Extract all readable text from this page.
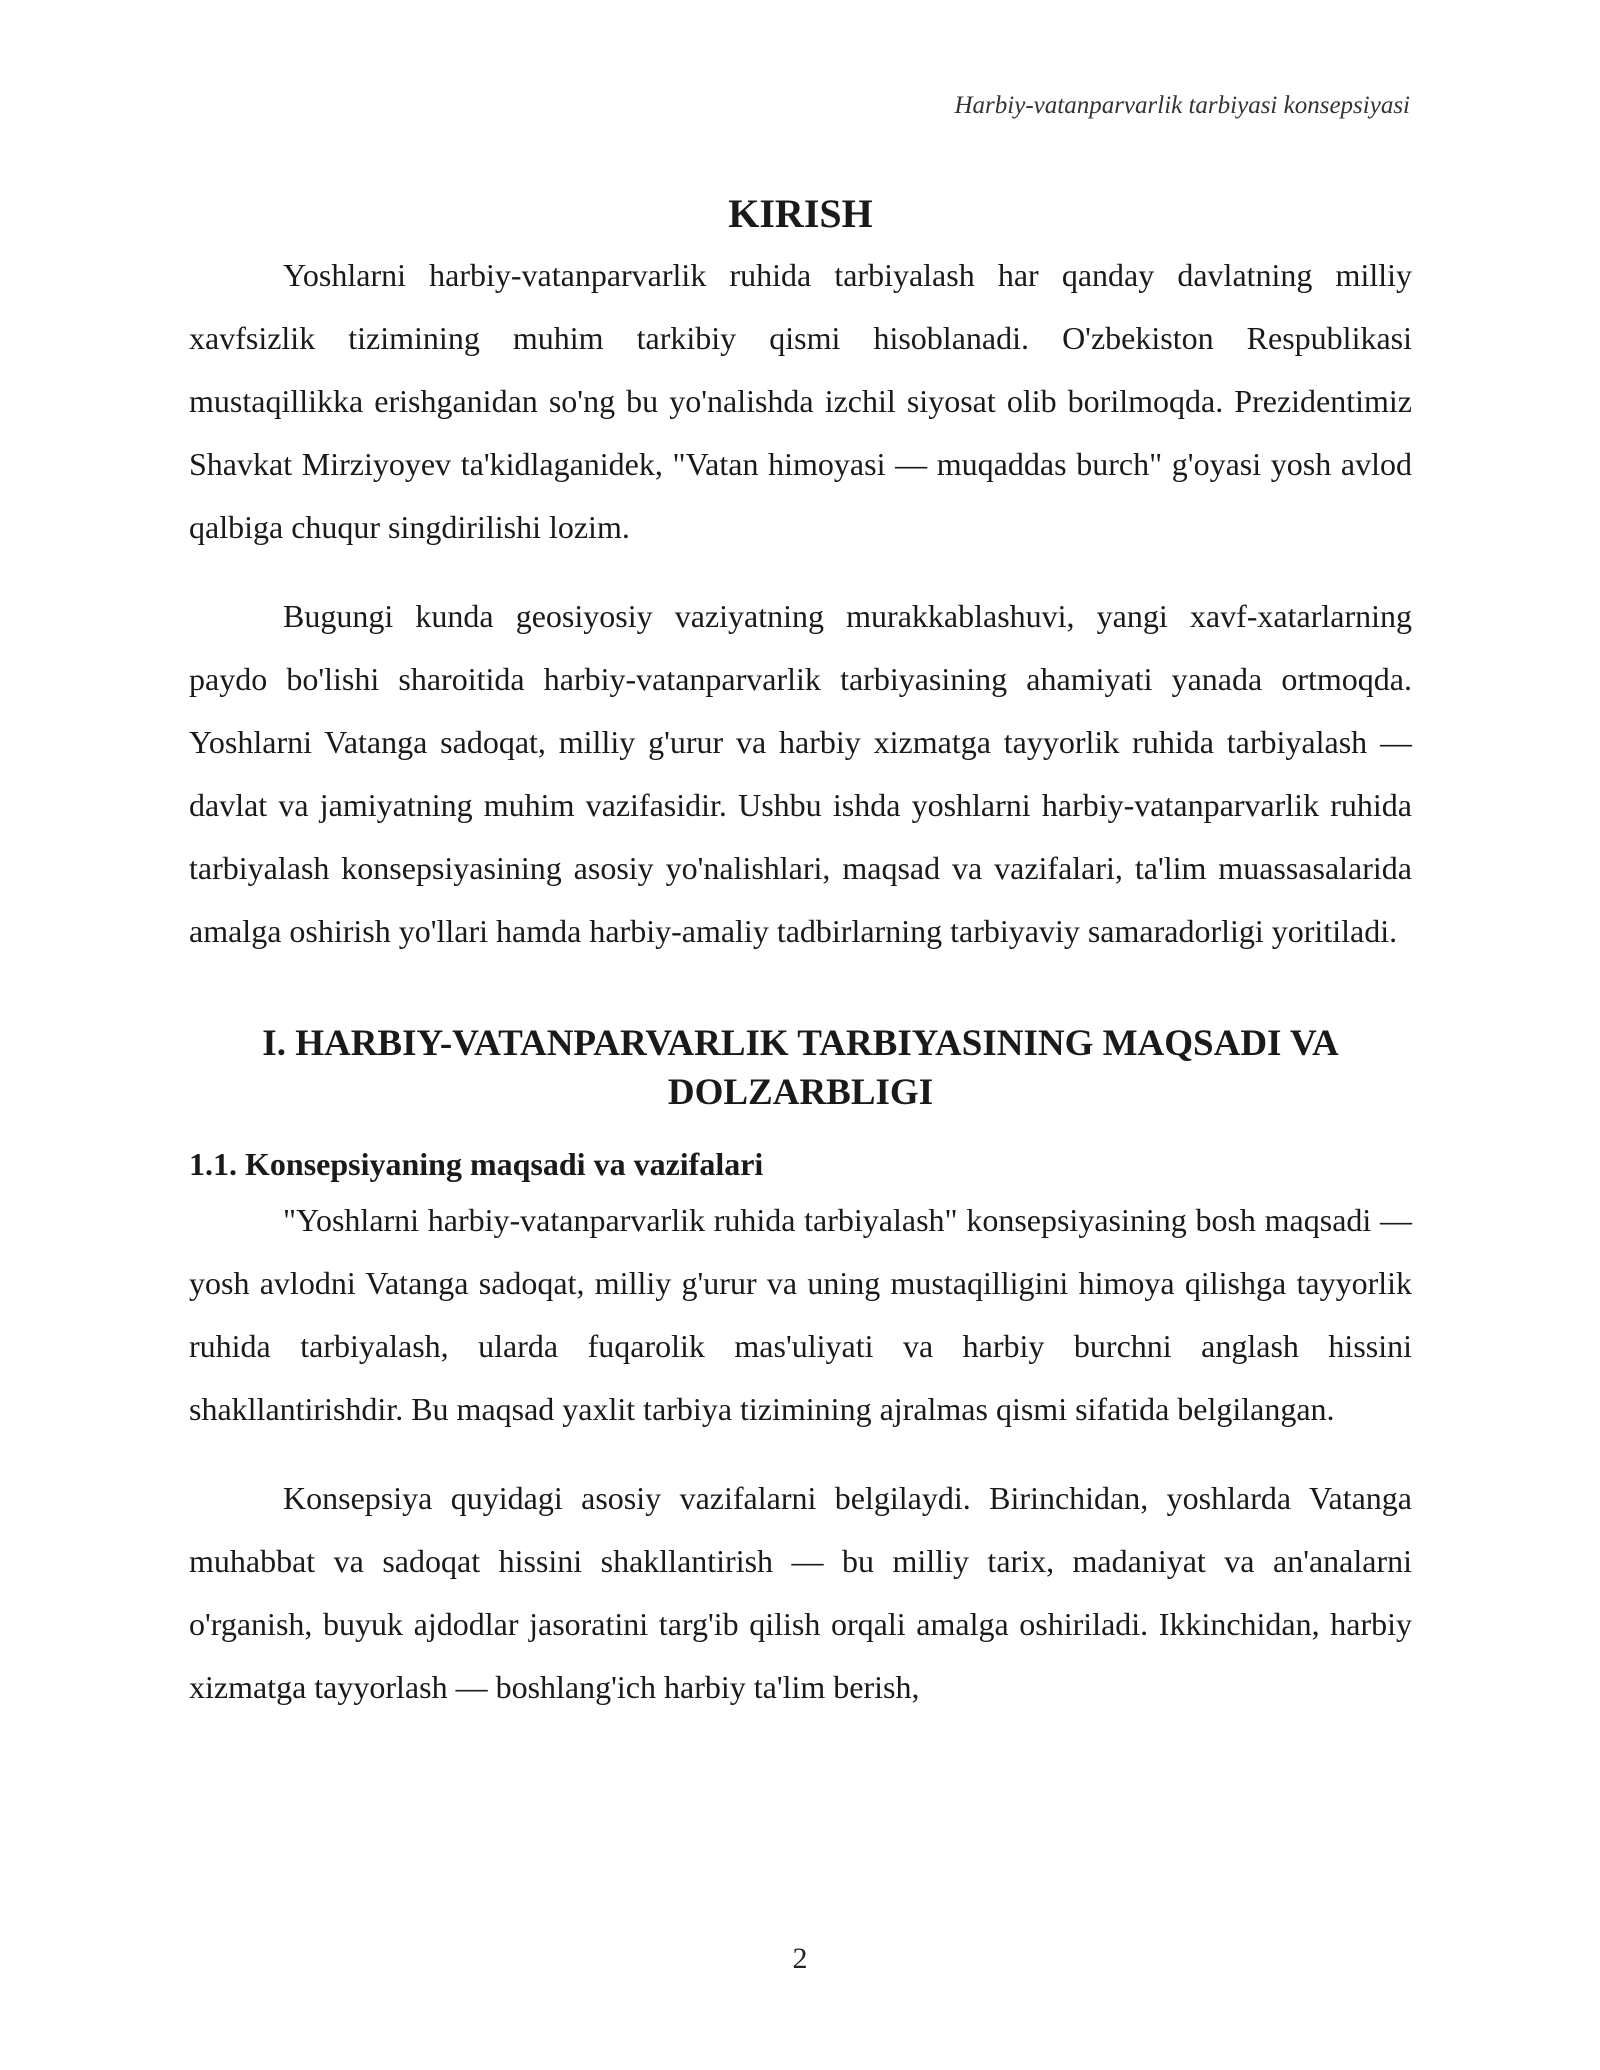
Harbiy-vatanparvarlik tarbiyasi konsepsiyasi
KIRISH

Yoshlarni harbiy-vatanparvarlik ruhida tarbiyalash har qanday davlatning milliy xavfsizlik tizimining muhim tarkibiy qismi hisoblanadi. O'zbekiston Respublikasi mustaqillikka erishganidan so'ng bu yo'nalishda izchil siyosat olib borilmoqda. Prezidentimiz Shavkat Mirziyoyev ta'kidlaganidek, "Vatan himoyasi — muqaddas burch" g'oyasi yosh avlod qalbiga chuqur singdirilishi lozim.

Bugungi kunda geosiyosiy vaziyatning murakkablashuvi, yangi xavf-xatarlarning paydo bo'lishi sharoitida harbiy-vatanparvarlik tarbiyasining ahamiyati yanada ortmoqda. Yoshlarni Vatanga sadoqat, milliy g'urur va harbiy xizmatga tayyorlik ruhida tarbiyalash — davlat va jamiyatning muhim vazifasidir. Ushbu ishda yoshlarni harbiy-vatanparvarlik ruhida tarbiyalash konsepsiyasining asosiy yo'nalishlari, maqsad va vazifalari, ta'lim muassasalarida amalga oshirish yo'llari hamda harbiy-amaliy tadbirlarning tarbiyaviy samaradorligi yoritiladi.

I. HARBIY-VATANPARVARLIK TARBIYASINING MAQSADI VA DOLZARBLIGI
1.1. Konsepsiyaning maqsadi va vazifalari

"Yoshlarni harbiy-vatanparvarlik ruhida tarbiyalash" konsepsiyasining bosh maqsadi — yosh avlodni Vatanga sadoqat, milliy g'urur va uning mustaqilligini himoya qilishga tayyorlik ruhida tarbiyalash, ularda fuqarolik mas'uliyati va harbiy burchni anglash hissini shakllantirishdir. Bu maqsad yaxlit tarbiya tizimining ajralmas qismi sifatida belgilangan.

Konsepsiya quyidagi asosiy vazifalarni belgilaydi. Birinchidan, yoshlarda Vatanga muhabbat va sadoqat hissini shakllantirish — bu milliy tarix, madaniyat va an'analarni o'rganish, buyuk ajdodlar jasoratini targ'ib qilish orqali amalga oshiriladi. Ikkinchidan, harbiy xizmatga tayyorlash — boshlang'ich harbiy ta'lim berish,

2
